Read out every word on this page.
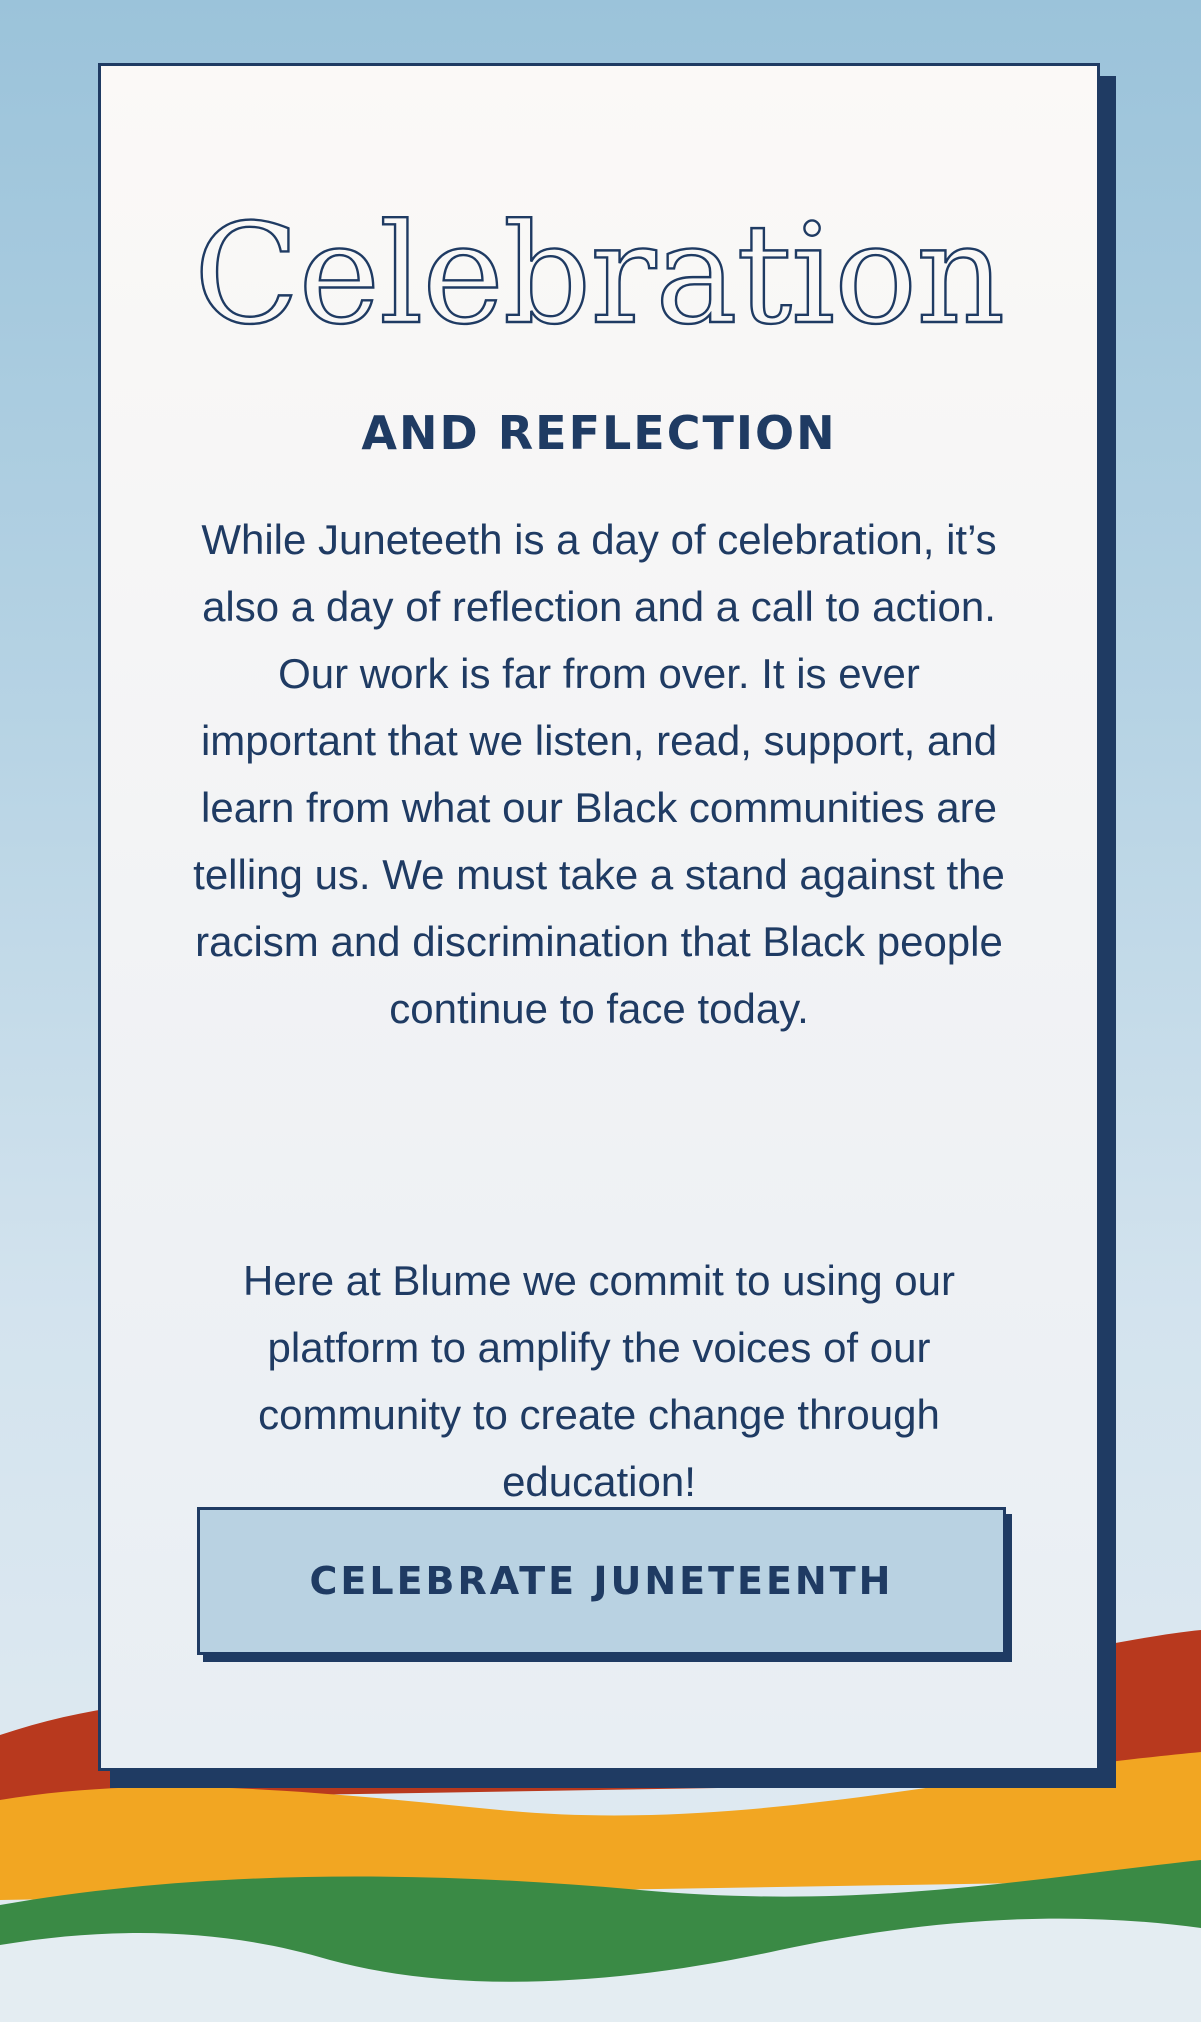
Celebration
AND REFLECTION

While Juneteeth is a day of celebration, it’s also a day of reflection and a call to action. Our work is far from over. It is ever important that we listen, read, support, and learn from what our Black communities are telling us. We must take a stand against the racism and discrimination that Black people continue to face today.

Here at Blume we commit to using our platform to amplify the voices of our community to create change through education!

CELEBRATE JUNETEENTH
